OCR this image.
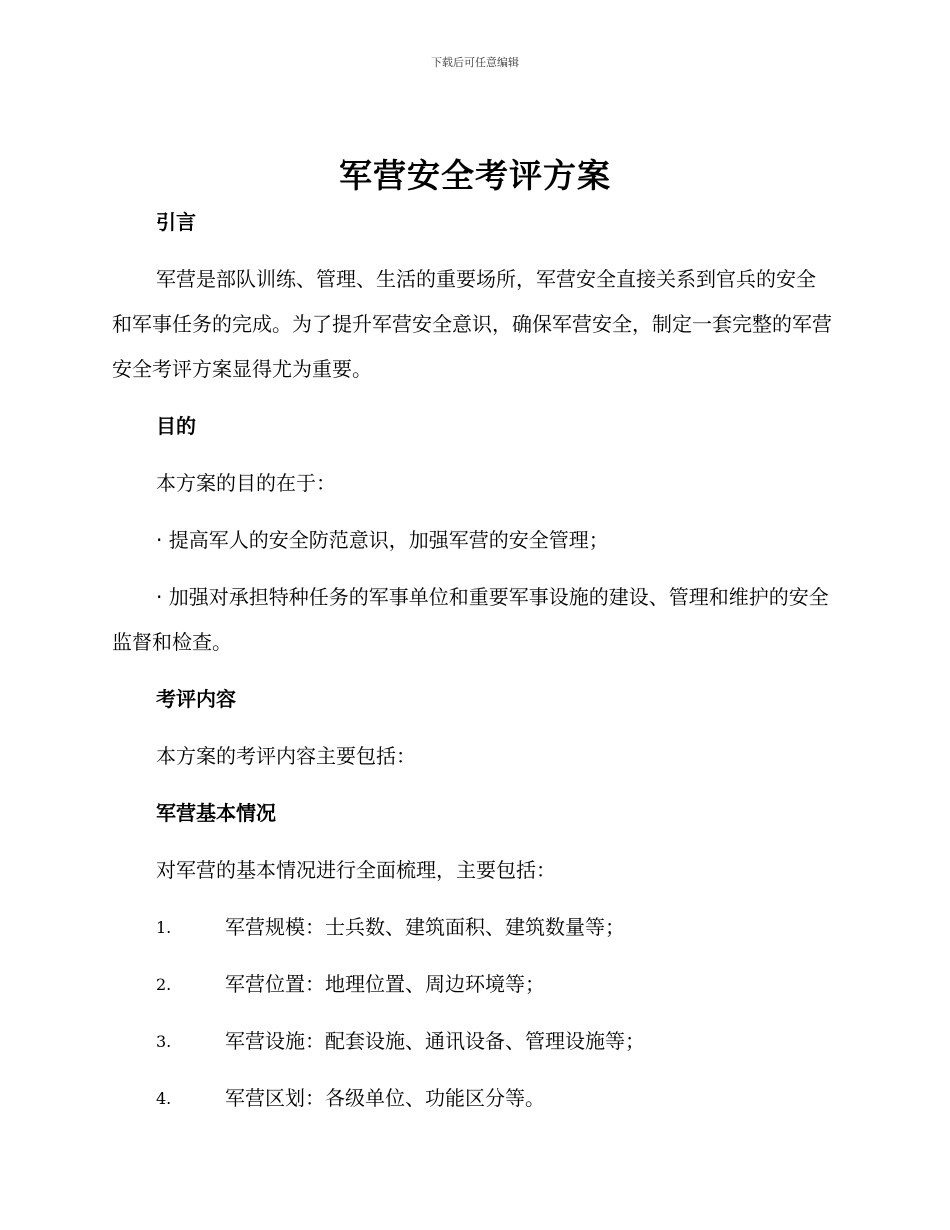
下载后可任意编辑
军营安全考评方案

引言

军营是部队训练、管理、生活的重要场所，军营安全直接关系到官兵的安全和军事任务的完成。为了提升军营安全意识，确保军营安全，制定一套完整的军营安全考评方案显得尤为重要。

目的

本方案的目的在于：

· 提高军人的安全防范意识，加强军营的安全管理；

· 加强对承担特种任务的军事单位和重要军事设施的建设、管理和维护的安全监督和检查。

考评内容

本方案的考评内容主要包括：

军营基本情况

对军营的基本情况进行全面梳理，主要包括：

1.	军营规模：士兵数、建筑面积、建筑数量等；
2.	军营位置：地理位置、周边环境等；
3.	军营设施：配套设施、通讯设备、管理设施等；
4.	军营区划：各级单位、功能区分等。
